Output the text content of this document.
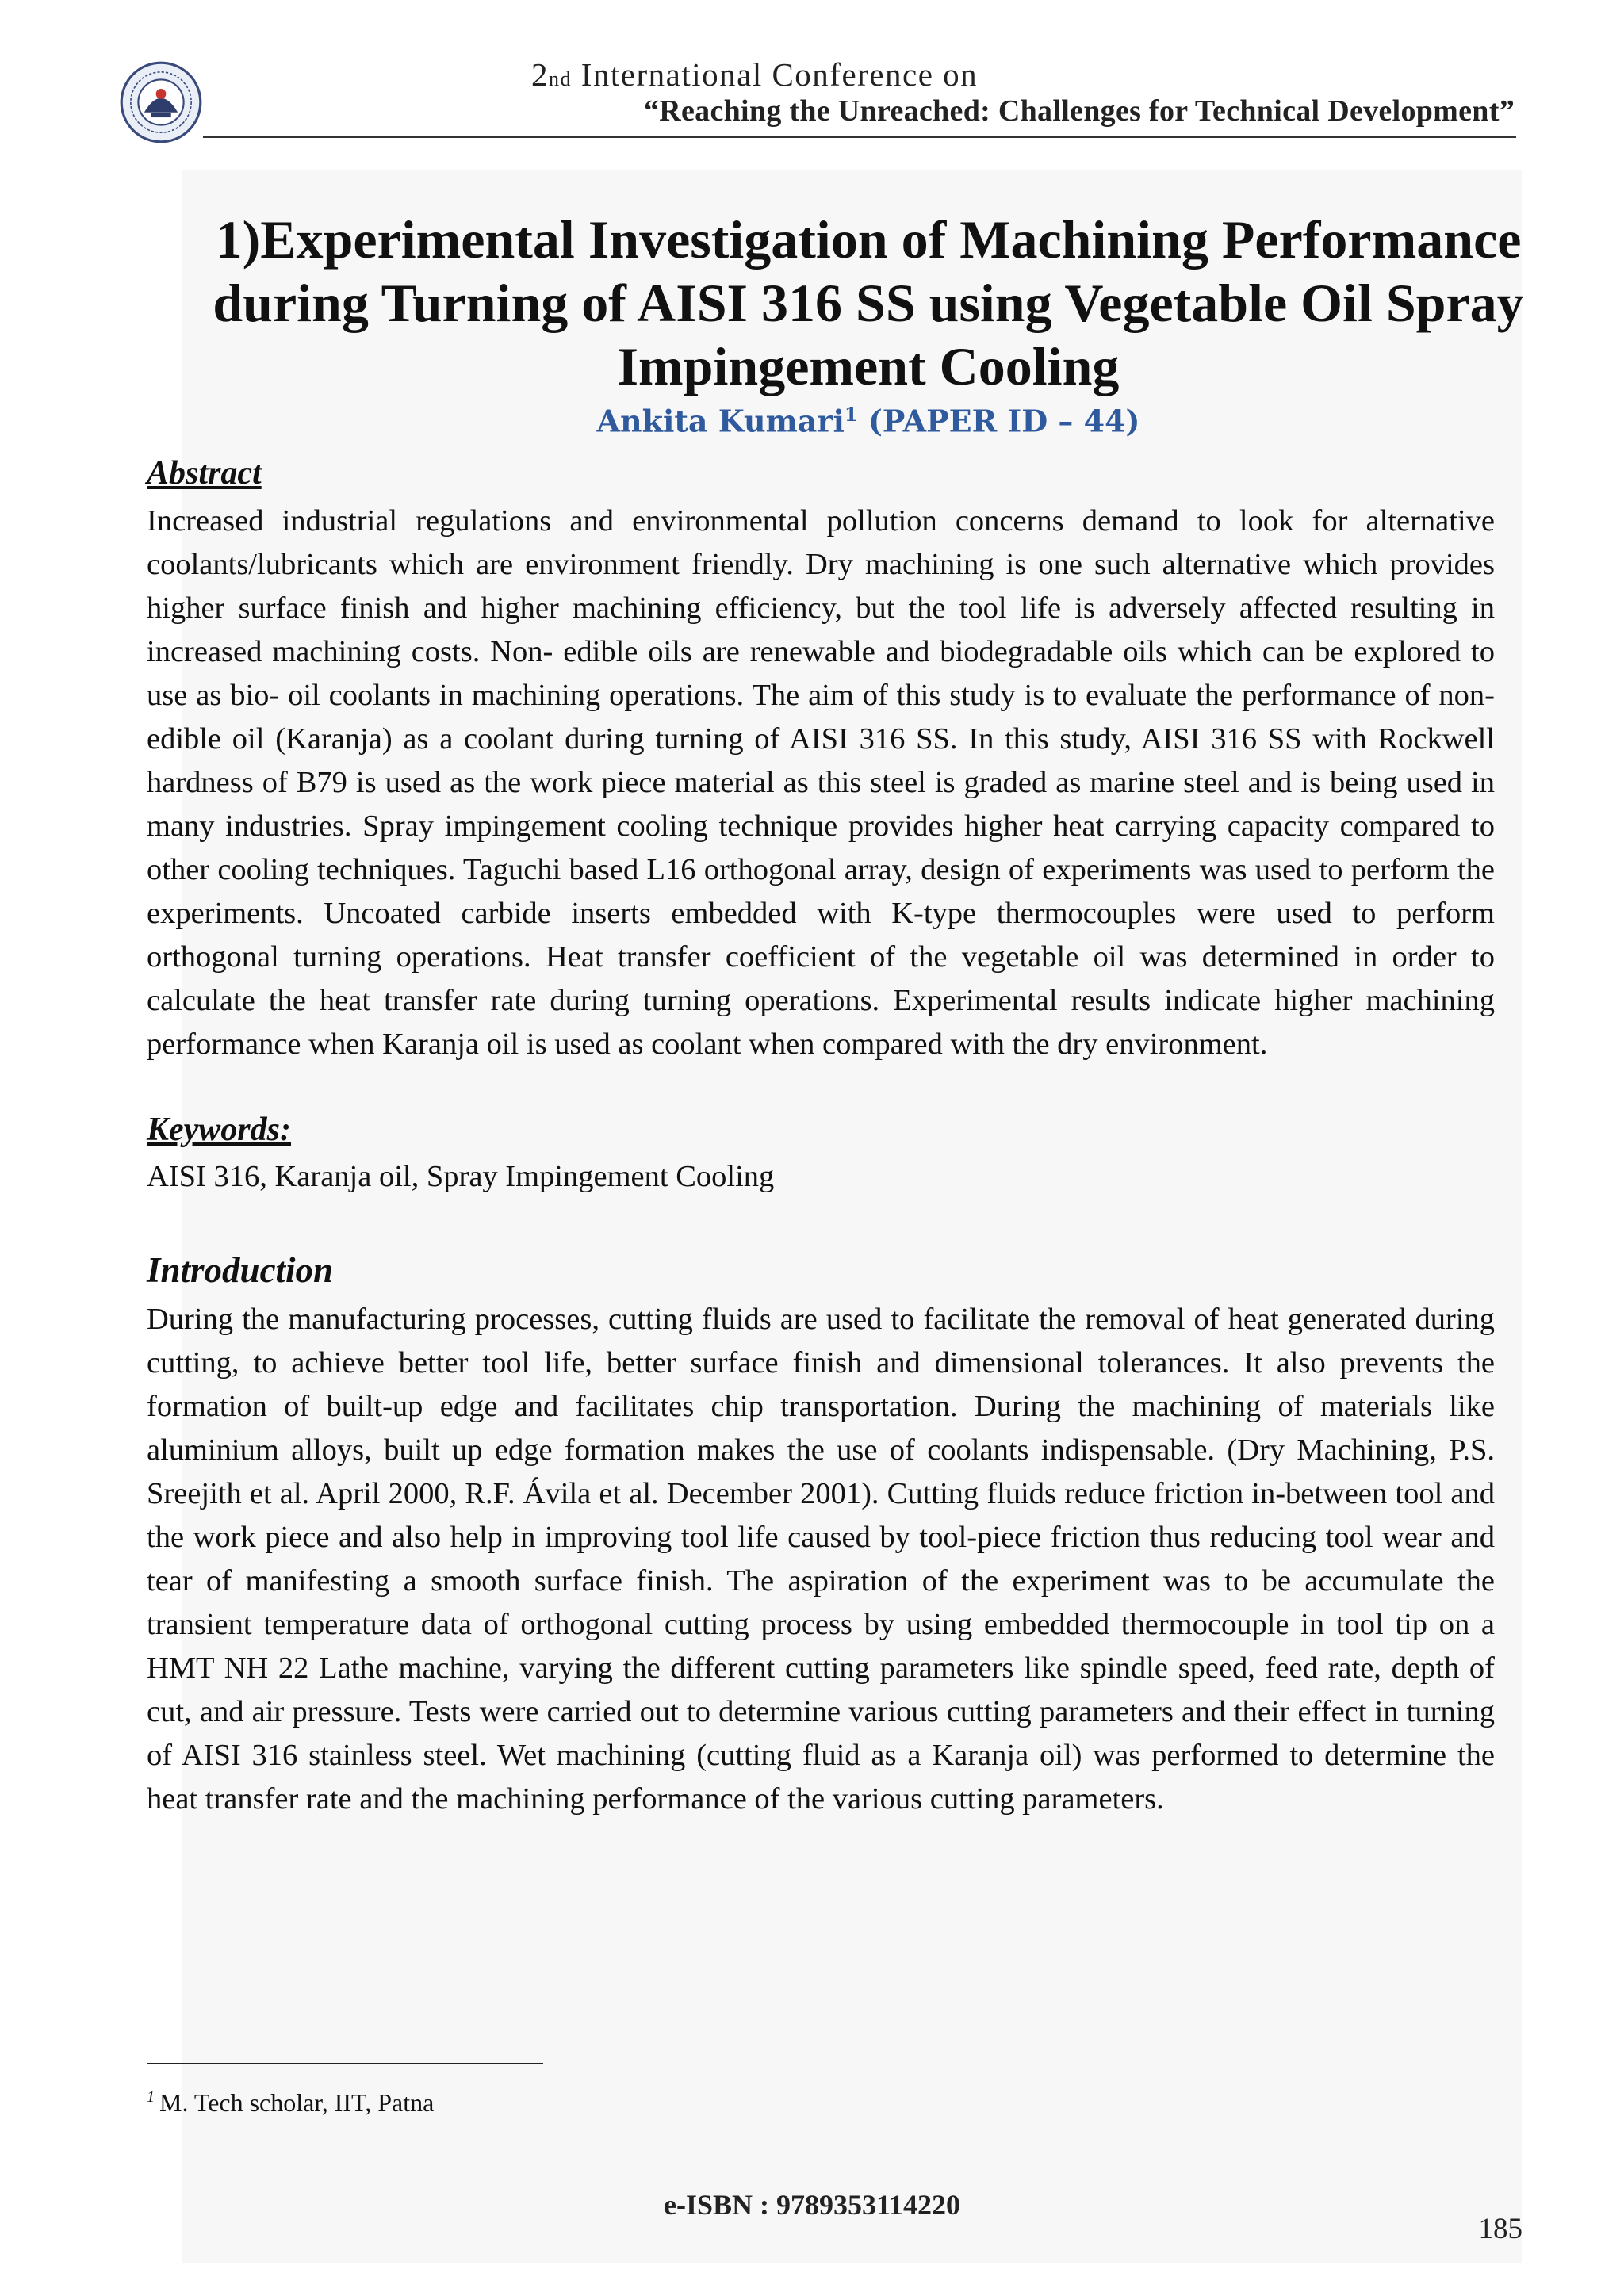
2nd International Conference on
“Reaching the Unreached: Challenges for Technical Development”
1)Experimental Investigation of Machining Performance during Turning of AISI 316 SS using Vegetable Oil Spray Impingement Cooling
Ankita Kumari$^1$ (PAPER ID – 44)
Abstract

Increased industrial regulations and environmental pollution concerns demand to look for alternative coolants/lubricants which are environment friendly. Dry machining is one such alternative which provides higher surface finish and higher machining efficiency, but the tool life is adversely affected resulting in increased machining costs. Non- edible oils are renewable and biodegradable oils which can be explored to use as bio- oil coolants in machining operations. The aim of this study is to evaluate the performance of non- edible oil (Karanja) as a coolant during turning of AISI 316 SS. In this study, AISI 316 SS with Rockwell hardness of B79 is used as the work piece material as this steel is graded as marine steel and is being used in many industries. Spray impingement cooling technique provides higher heat carrying capacity compared to other cooling techniques. Taguchi based L16 orthogonal array, design of experiments was used to perform the experiments. Uncoated carbide inserts embedded with K-type thermocouples were used to perform orthogonal turning operations. Heat transfer coefficient of the vegetable oil was determined in order to calculate the heat transfer rate during turning operations. Experimental results indicate higher machining performance when Karanja oil is used as coolant when compared with the dry environment.

Keywords:

AISI 316, Karanja oil, Spray Impingement Cooling

Introduction

During the manufacturing processes, cutting fluids are used to facilitate the removal of heat generated during cutting, to achieve better tool life, better surface finish and dimensional tolerances. It also prevents the formation of built-up edge and facilitates chip transportation. During the machining of materials like aluminium alloys, built up edge formation makes the use of coolants indispensable. (Dry Machining, P.S. Sreejith et al. April 2000, R.F. Ávila et al. December 2001). Cutting fluids reduce friction in-between tool and the work piece and also help in improving tool life caused by tool-piece friction thus reducing tool wear and tear of manifesting a smooth surface finish. The aspiration of the experiment was to be accumulate the transient temperature data of orthogonal cutting process by using embedded thermocouple in tool tip on a HMT NH 22 Lathe machine, varying the different cutting parameters like spindle speed, feed rate, depth of cut, and air pressure. Tests were carried out to determine various cutting parameters and their effect in turning of AISI 316 stainless steel. Wet machining (cutting fluid as a Karanja oil) was performed to determine the heat transfer rate and the machining performance of the various cutting parameters.

$^1$ M. Tech scholar, IIT, Patna
e-ISBN : 9789353114220
185
